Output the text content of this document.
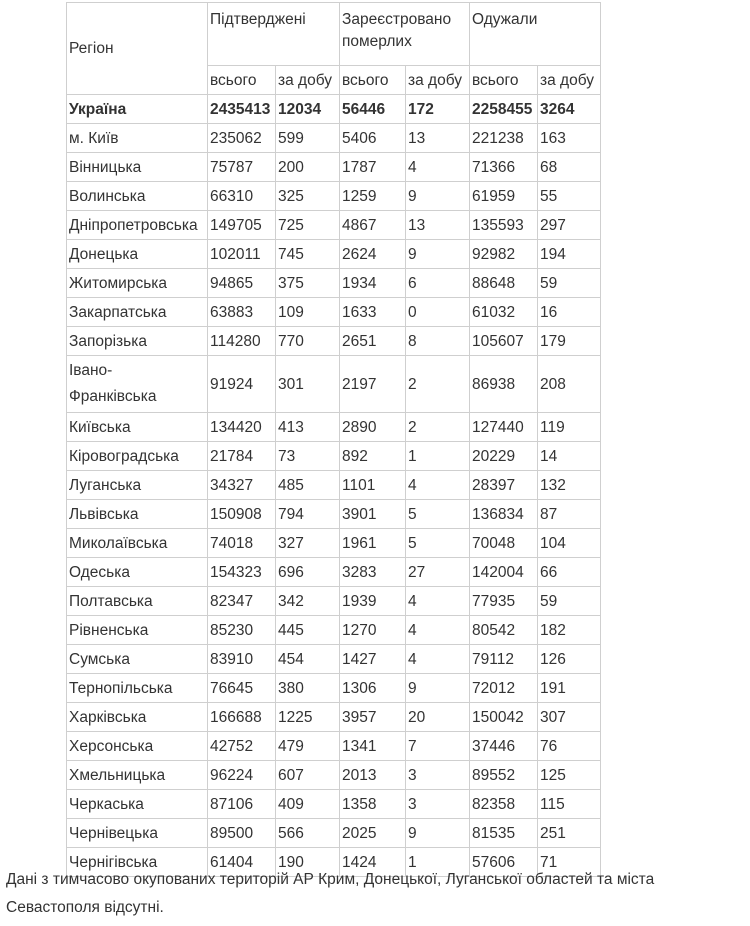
Регіон	Підтверджені		Зареєстровано померлих		Одужали	
	всього	за добу	всього	за добу	всього	за добу
Україна	2435413	12034	56446	172	2258455	3264
м. Київ	235062	599	5406	13	221238	163
Вінницька	75787	200	1787	4	71366	68
Волинська	66310	325	1259	9	61959	55
Дніпропетровська	149705	725	4867	13	135593	297
Донецька	102011	745	2624	9	92982	194
Житомирська	94865	375	1934	6	88648	59
Закарпатська	63883	109	1633	0	61032	16
Запорізька	114280	770	2651	8	105607	179
Івано-
Франківська	91924	301	2197	2	86938	208
Київська	134420	413	2890	2	127440	119
Кіровоградська	21784	73	892	1	20229	14
Луганська	34327	485	1101	4	28397	132
Львівська	150908	794	3901	5	136834	87
Миколаївська	74018	327	1961	5	70048	104
Одеська	154323	696	3283	27	142004	66
Полтавська	82347	342	1939	4	77935	59
Рівненська	85230	445	1270	4	80542	182
Сумська	83910	454	1427	4	79112	126
Тернопільська	76645	380	1306	9	72012	191
Харківська	166688	1225	3957	20	150042	307
Херсонська	42752	479	1341	7	37446	76
Хмельницька	96224	607	2013	3	89552	125
Черкаська	87106	409	1358	3	82358	115
Чернівецька	89500	566	2025	9	81535	251
Чернігівська	61404	190	1424	1	57606	71
Дані з тимчасово окупованих територій АР Крим, Донецької, Луганської областей та міста Севастополя відсутні.
